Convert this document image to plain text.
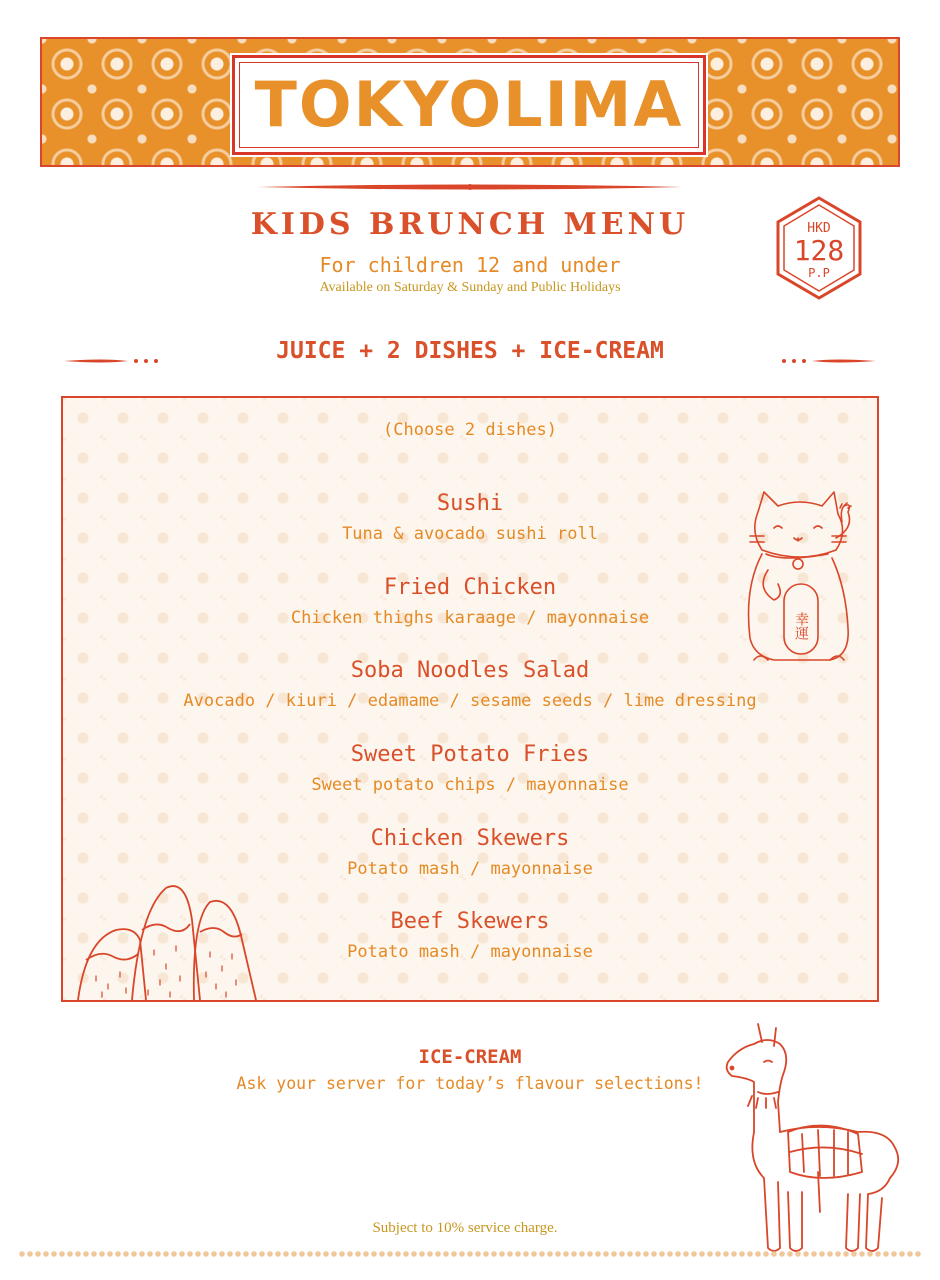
TOKYOLIMA
KIDS BRUNCH MENU
For children 12 and under
Available on Saturday & Sunday and Public Holidays
HKD
128
P.P
JUICE + 2 DISHES + ICE-CREAM
(Choose 2 dishes)
Sushi
Tuna & avocado sushi roll
Fried Chicken
Chicken thighs karaage / mayonnaise
Soba Noodles Salad
Avocado / kiuri / edamame / sesame seeds / lime dressing
Sweet Potato Fries
Sweet potato chips / mayonnaise
Chicken Skewers
Potato mash / mayonnaise
Beef Skewers
Potato mash / mayonnaise
幸運
ICE-CREAM
Ask your server for today’s flavour selections!
Subject to 10% service charge.
